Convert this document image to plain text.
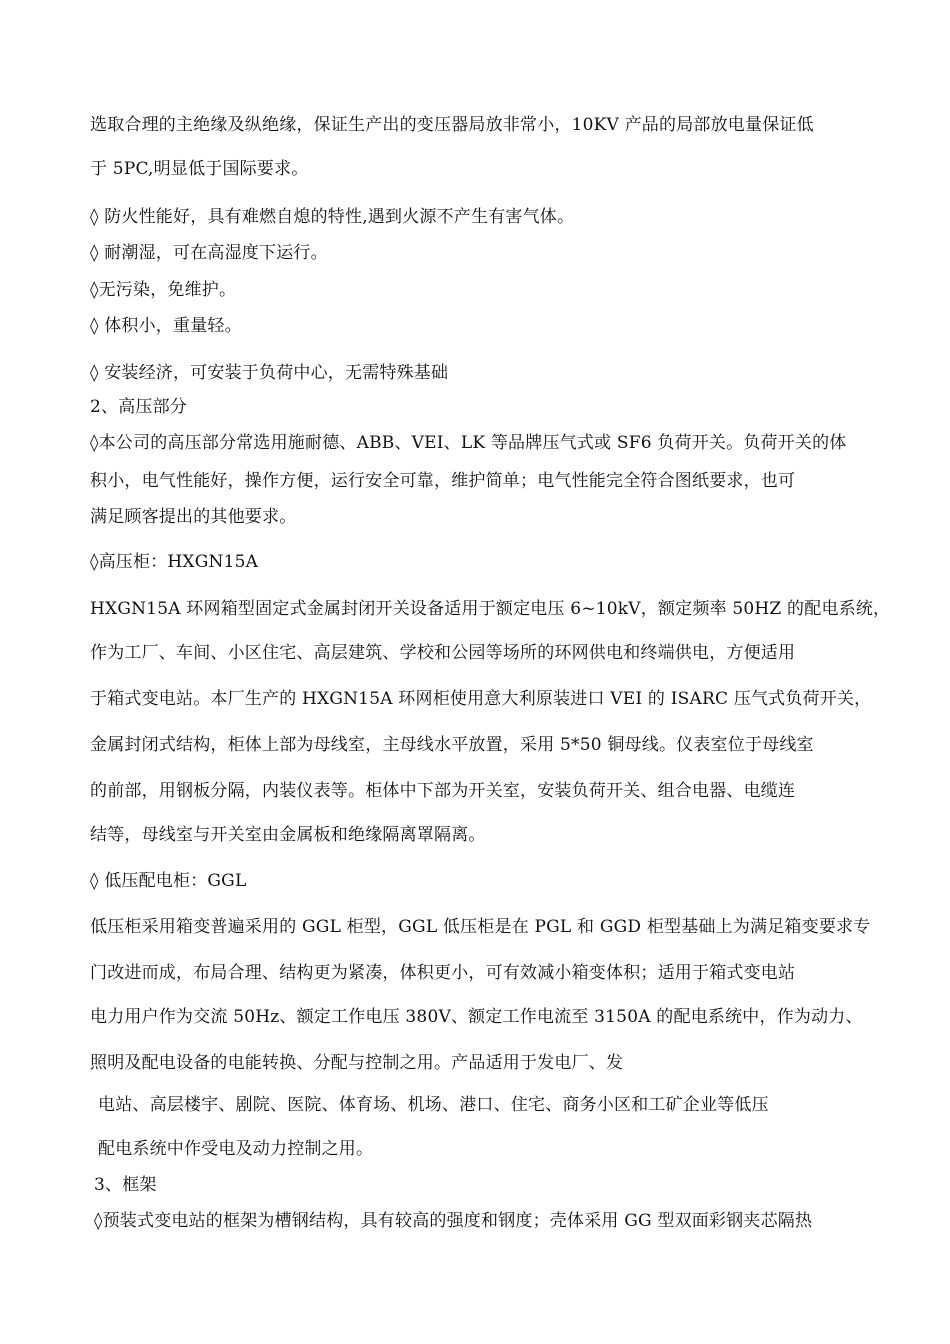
选取合理的主绝缘及纵绝缘，保证生产出的变压器局放非常小，10KV 产品的局部放电量保证低
于 5PC,明显低于国际要求。
◊ 防火性能好，具有难燃自熄的特性,遇到火源不产生有害气体。
◊ 耐潮湿，可在高湿度下运行。
◊无污染，免维护。
◊ 体积小，重量轻。
◊ 安装经济，可安装于负荷中心，无需特殊基础
2、高压部分
◊本公司的高压部分常选用施耐德、ABB、VEI、LK 等品牌压气式或 SF6 负荷开关。负荷开关的体
积小，电气性能好，操作方便，运行安全可靠，维护简单；电气性能完全符合图纸要求，也可
满足顾客提出的其他要求。
◊高压柜：HXGN15A
HXGN15A 环网箱型固定式金属封闭开关设备适用于额定电压 6~10kV，额定频率 50HZ 的配电系统，
作为工厂、车间、小区住宅、高层建筑、学校和公园等场所的环网供电和终端供电，方便适用
于箱式变电站。本厂生产的 HXGN15A 环网柜使用意大利原装进口 VEI 的 ISARC 压气式负荷开关，
金属封闭式结构，柜体上部为母线室，主母线水平放置，采用 5*50 铜母线。仪表室位于母线室
的前部，用钢板分隔，内装仪表等。柜体中下部为开关室，安装负荷开关、组合电器、电缆连
结等，母线室与开关室由金属板和绝缘隔离罩隔离。
◊ 低压配电柜：GGL
低压柜采用箱变普遍采用的 GGL 柜型，GGL 低压柜是在 PGL 和 GGD 柜型基础上为满足箱变要求专
门改进而成，布局合理、结构更为紧凑，体积更小，可有效减小箱变体积；适用于箱式变电站
电力用户作为交流 50Hz、额定工作电压 380V、额定工作电流至 3150A 的配电系统中，作为动力、
照明及配电设备的电能转换、分配与控制之用。产品适用于发电厂、发
电站、高层楼宇、剧院、医院、体育场、机场、港口、住宅、商务小区和工矿企业等低压
配电系统中作受电及动力控制之用。
3、框架
◊预装式变电站的框架为槽钢结构，具有较高的强度和钢度；壳体采用 GG 型双面彩钢夹芯隔热
